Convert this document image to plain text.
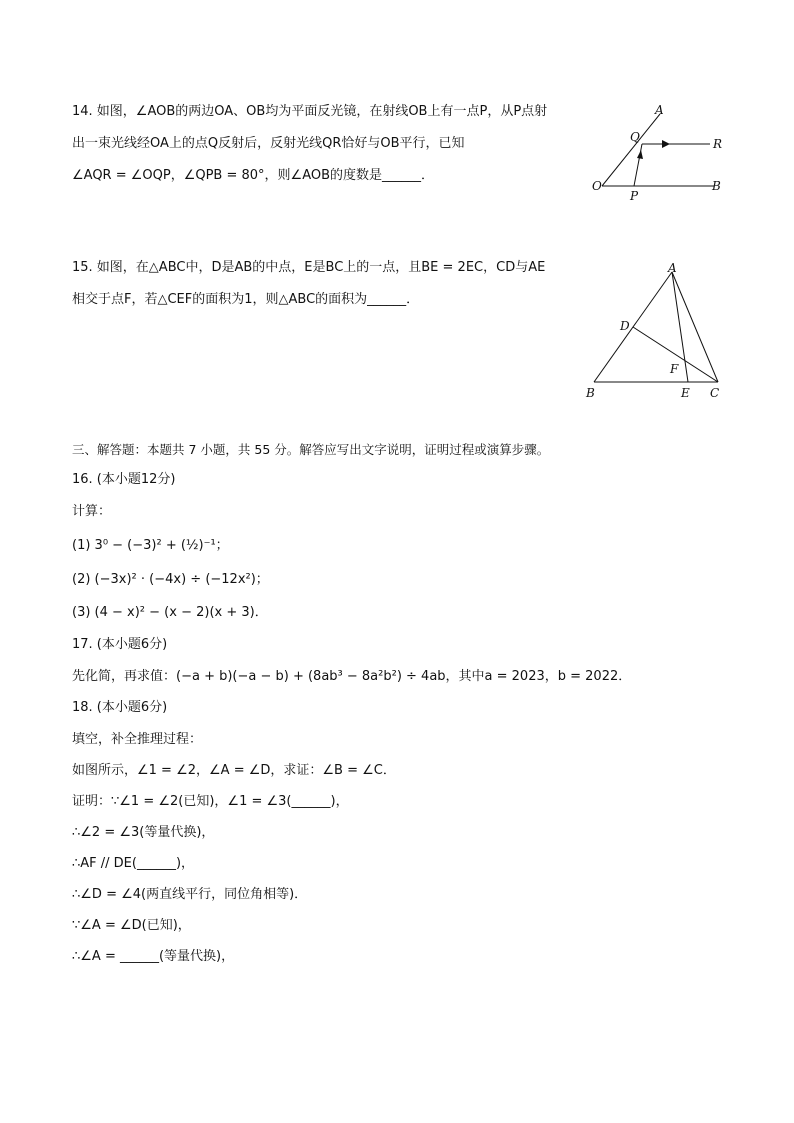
14. 如图，∠AOB的两边OA、OB均为平面反光镜，在射线OB上有一点P，从P点射
出一束光线经OA上的点Q反射后，反射光线QR恰好与OB平行，已知
∠AQR = ∠OQP，∠QPB = 80°，则∠AOB的度数是______．
A
Q	R
O
P
B
15. 如图，在△ABC中，D是AB的中点，E是BC上的一点，且BE = 2EC，CD与AE
相交于点F，若△CEF的面积为1，则△ABC的面积为______．
A
D
F
B	E C
三、解答题：本题共 7 小题，共 55 分。解答应写出文字说明，证明过程或演算步骤。
16. (本小题12分)
计算：
(1) 3⁰ − (−3)² + (½)⁻¹；
(2) (−3x)² · (−4x) ÷ (−12x²)；
(3) (4 − x)² − (x − 2)(x + 3)．
17. (本小题6分)
先化简，再求值：(−a + b)(−a − b) + (8ab³ − 8a²b²) ÷ 4ab，其中a = 2023，b = 2022．
18. (本小题6分)
填空，补全推理过程：
如图所示，∠1 = ∠2，∠A = ∠D，求证：∠B = ∠C．
证明：∵∠1 = ∠2(已知)，∠1 = ∠3(______)，
∴∠2 = ∠3(等量代换)，
∴AF // DE(______)，
∴∠D = ∠4(两直线平行，同位角相等)．
∵∠A = ∠D(已知)，
∴∠A = ______(等量代换)，
